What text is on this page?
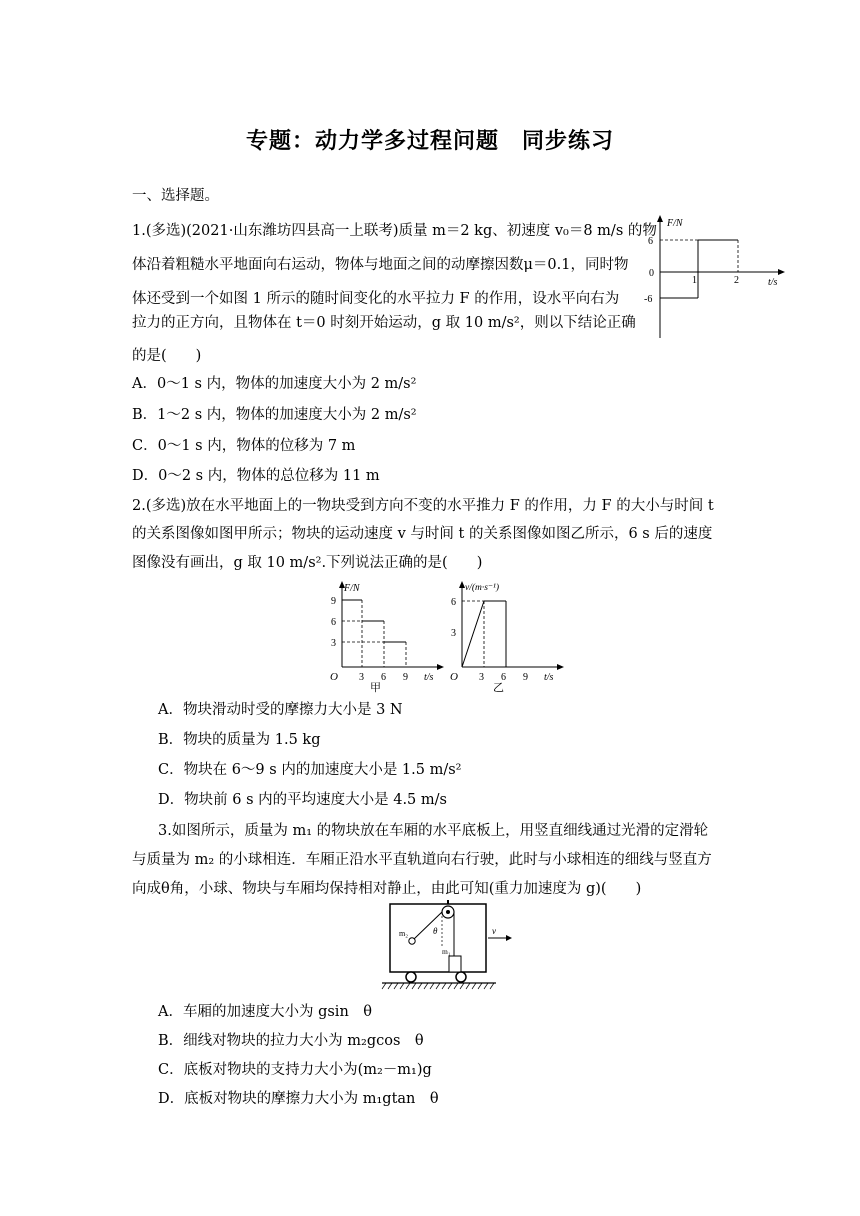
专题：动力学多过程问题　同步练习
一、选择题。
1.(多选)(2021·山东潍坊四县高一上联考)质量 m＝2 kg、初速度 v₀＝8 m/s 的物
体沿着粗糙水平地面向右运动，物体与地面之间的动摩擦因数μ＝0.1，同时物
体还受到一个如图 1 所示的随时间变化的水平拉力 F 的作用，设水平向右为
拉力的正方向，且物体在 t＝0 时刻开始运动，g 取 10 m/s²，则以下结论正确
的是(　　)
F/N
t/s
0
6
-6
1	2
A．0～1 s 内，物体的加速度大小为 2 m/s²
B．1～2 s 内，物体的加速度大小为 2 m/s²
C．0～1 s 内，物体的位移为 7 m
D．0～2 s 内，物体的总位移为 11 m
2.(多选)放在水平地面上的一物块受到方向不变的水平推力 F 的作用，力 F 的大小与时间 t
的关系图像如图甲所示；物块的运动速度 v 与时间 t 的关系图像如图乙所示，6 s 后的速度
图像没有画出，g 取 10 m/s².下列说法正确的是(　　)
F/N
t/s
O
9
6
3
3 6 9
甲
v/(m·s⁻¹)
t/s
O
6
3
3 6 9
乙
A．物块滑动时受的摩擦力大小是 3 N
B．物块的质量为 1.5 kg
C．物块在 6～9 s 内的加速度大小是 1.5 m/s²
D．物块前 6 s 内的平均速度大小是 4.5 m/s
3.如图所示，质量为 m₁ 的物块放在车厢的水平底板上，用竖直细线通过光滑的定滑轮
与质量为 m₂ 的小球相连．车厢正沿水平直轨道向右行驶，此时与小球相连的细线与竖直方
向成θ角，小球、物块与车厢均保持相对静止，由此可知(重力加速度为 g)(　　)
m₂	θ
m₁
v
A．车厢的加速度大小为 gsin　θ
B．细线对物块的拉力大小为 m₂gcos　θ
C．底板对物块的支持力大小为(m₂－m₁)g
D．底板对物块的摩擦力大小为 m₁gtan　θ
